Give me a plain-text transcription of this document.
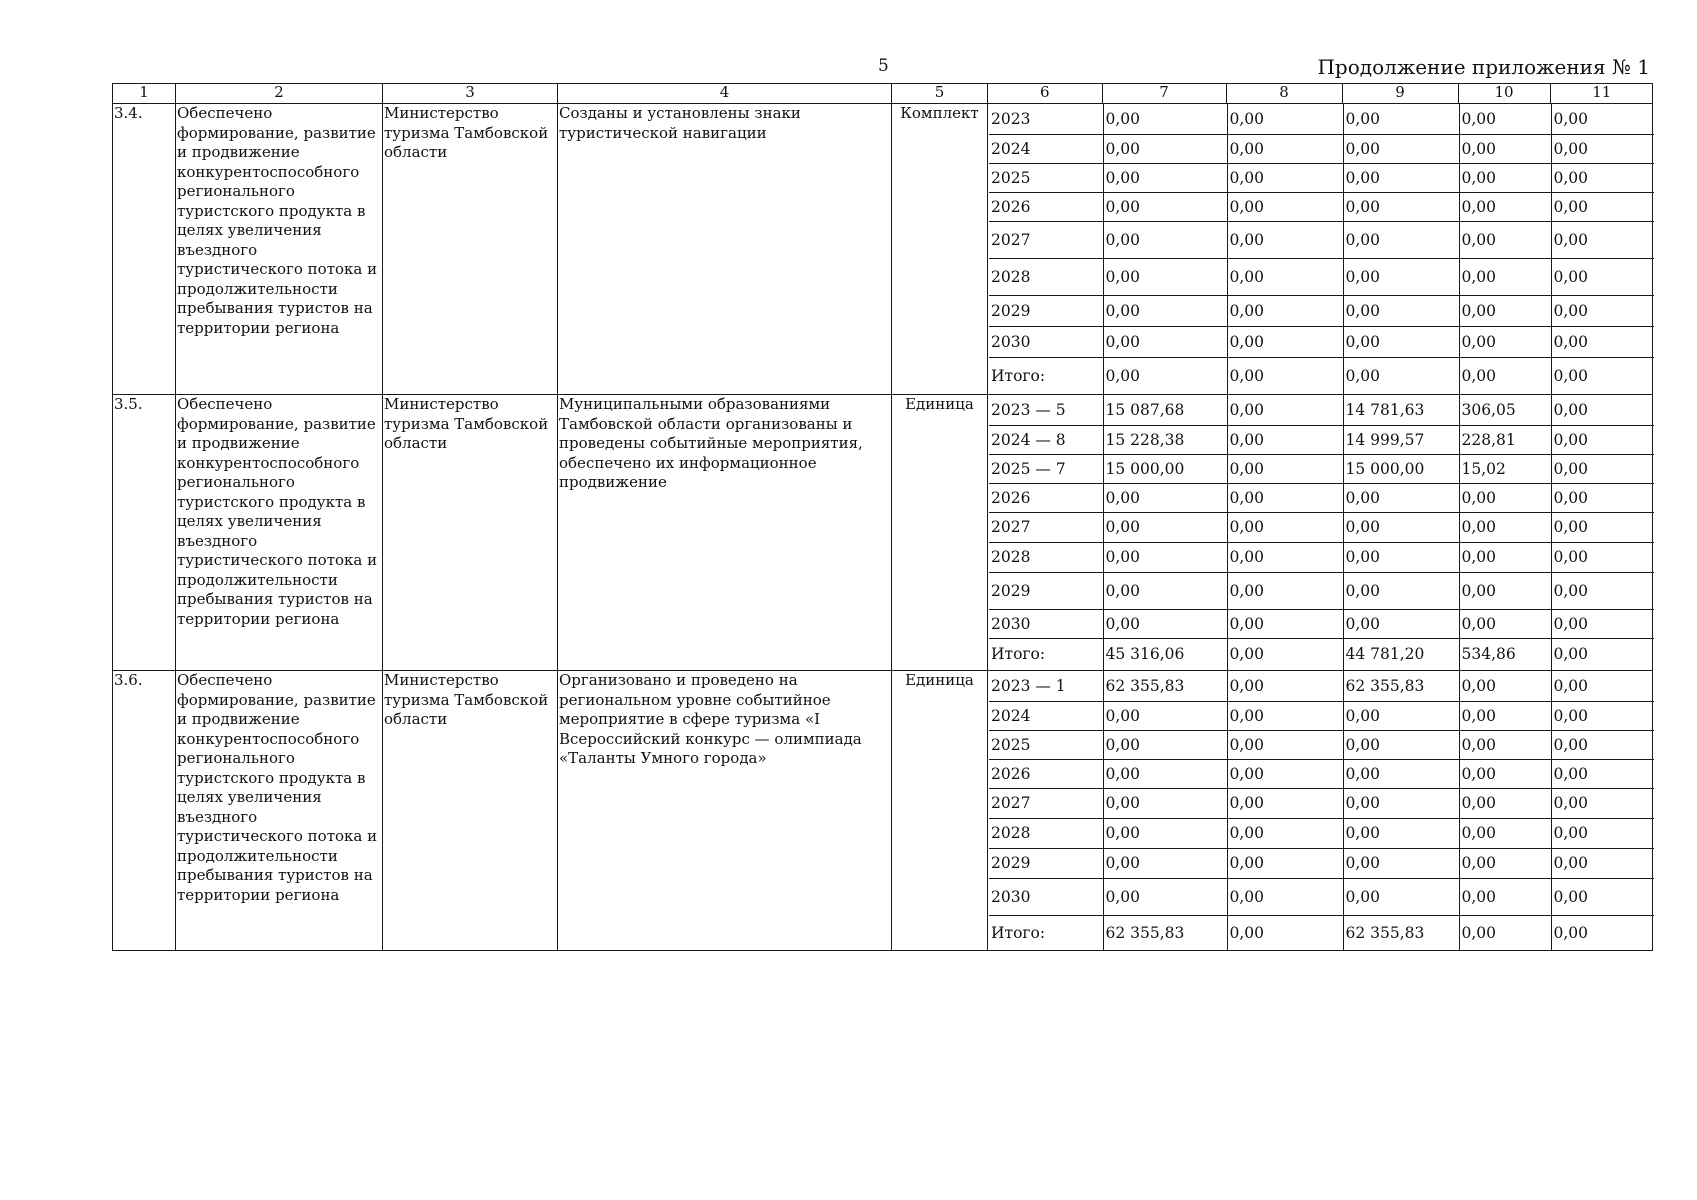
5	Продолжение приложения № 1
1	2	3	4	5		6	7	8	9	10	11

3.4.	Обеспечено формирование, развитие и продвижение конкурентоспособного регионального туристского продукта в целях увеличения въездного туристического потока и продолжительности пребывания туристов на территории региона	Министерство туризма Тамбовской области	Созданы и установлены знаки туристической навигации	Комплект	2023	0,00	0,00	0,00	0,00	0,00
2024	0,00	0,00	0,00	0,00	0,00
2025	0,00	0,00	0,00	0,00	0,00
2026	0,00	0,00	0,00	0,00	0,00
2027	0,00	0,00	0,00	0,00	0,00
2028	0,00	0,00	0,00	0,00	0,00
2029	0,00	0,00	0,00	0,00	0,00
2030	0,00	0,00	0,00	0,00	0,00
Итого:	0,00	0,00	0,00	0,00	0,00

3.5.	Обеспечено формирование, развитие и продвижение конкурентоспособного регионального туристского продукта в целях увеличения въездного туристического потока и продолжительности пребывания туристов на территории региона	Министерство туризма Тамбовской области	Муниципальными образованиями Тамбовской области организованы и проведены событийные мероприятия, обеспечено их информационное продвижение	Единица	2023 — 5	15 087,68	0,00	14 781,63	306,05	0,00
2024 — 8	15 228,38	0,00	14 999,57	228,81	0,00
2025 — 7	15 000,00	0,00	15 000,00	15,02	0,00
2026	0,00	0,00	0,00	0,00	0,00
2027	0,00	0,00	0,00	0,00	0,00
2028	0,00	0,00	0,00	0,00	0,00
2029	0,00	0,00	0,00	0,00	0,00
2030	0,00	0,00	0,00	0,00	0,00
Итого:	45 316,06	0,00	44 781,20	534,86	0,00

3.6.	Обеспечено формирование, развитие и продвижение конкурентоспособного регионального туристского продукта в целях увеличения въездного туристического потока и продолжительности пребывания туристов на территории региона	Министерство туризма Тамбовской области	Организовано и проведено на региональном уровне событийное мероприятие в сфере туризма «I Всероссийский конкурс — олимпиада «Таланты Умного города»	Единица	2023 — 1	62 355,83	0,00	62 355,83	0,00	0,00
2024	0,00	0,00	0,00	0,00	0,00
2025	0,00	0,00	0,00	0,00	0,00
2026	0,00	0,00	0,00	0,00	0,00
2027	0,00	0,00	0,00	0,00	0,00
2028	0,00	0,00	0,00	0,00	0,00
2029	0,00	0,00	0,00	0,00	0,00
2030	0,00	0,00	0,00	0,00	0,00
Итого:	62 355,83	0,00	62 355,83	0,00	0,00
